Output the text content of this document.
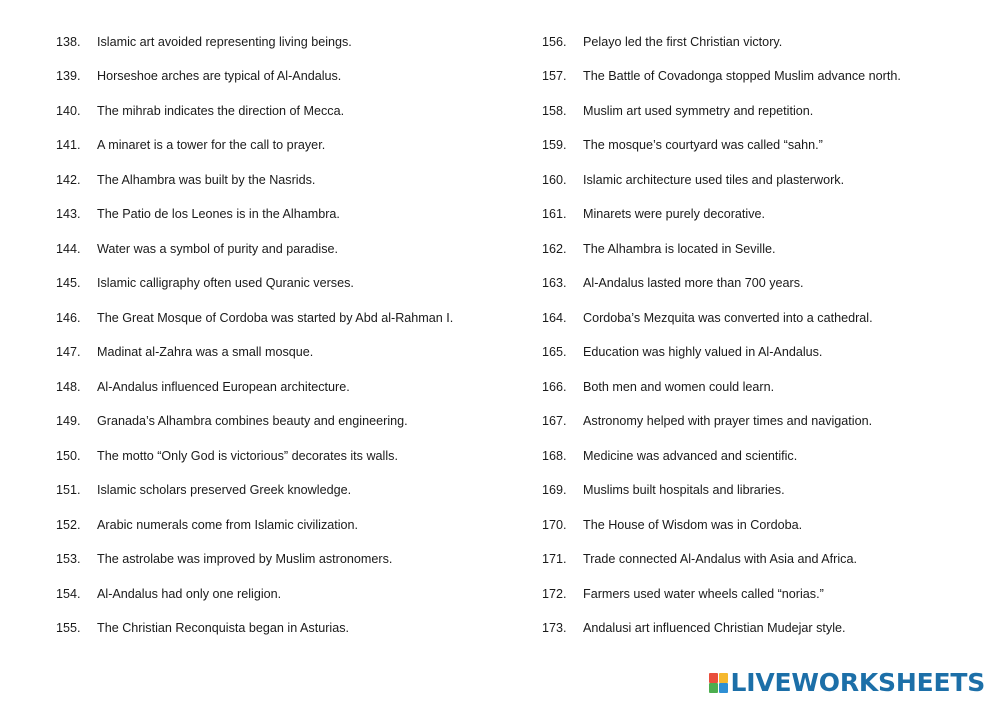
138.	Islamic art avoided representing living beings.
139.	Horseshoe arches are typical of Al-Andalus.
140.	The mihrab indicates the direction of Mecca.
141.	A minaret is a tower for the call to prayer.
142.	The Alhambra was built by the Nasrids.
143.	The Patio de los Leones is in the Alhambra.
144.	Water was a symbol of purity and paradise.
145.	Islamic calligraphy often used Quranic verses.
146.	The Great Mosque of Cordoba was started by Abd al-Rahman I.
147.	Madinat al-Zahra was a small mosque.
148.	Al-Andalus influenced European architecture.
149.	Granada’s Alhambra combines beauty and engineering.
150.	The motto “Only God is victorious” decorates its walls.
151.	Islamic scholars preserved Greek knowledge.
152.	Arabic numerals come from Islamic civilization.
153.	The astrolabe was improved by Muslim astronomers.
154.	Al-Andalus had only one religion.
155.	The Christian Reconquista began in Asturias.
156.	Pelayo led the first Christian victory.
157.	The Battle of Covadonga stopped Muslim advance north.
158.	Muslim art used symmetry and repetition.
159.	The mosque’s courtyard was called “sahn.”
160.	Islamic architecture used tiles and plasterwork.
161.	Minarets were purely decorative.
162.	The Alhambra is located in Seville.
163.	Al-Andalus lasted more than 700 years.
164.	Cordoba’s Mezquita was converted into a cathedral.
165.	Education was highly valued in Al-Andalus.
166.	Both men and women could learn.
167.	Astronomy helped with prayer times and navigation.
168.	Medicine was advanced and scientific.
169.	Muslims built hospitals and libraries.
170.	The House of Wisdom was in Cordoba.
171.	Trade connected Al-Andalus with Asia and Africa.
172.	Farmers used water wheels called “norias.”
173.	Andalusi art influenced Christian Mudejar style.
LIVEWORKSHEETS
